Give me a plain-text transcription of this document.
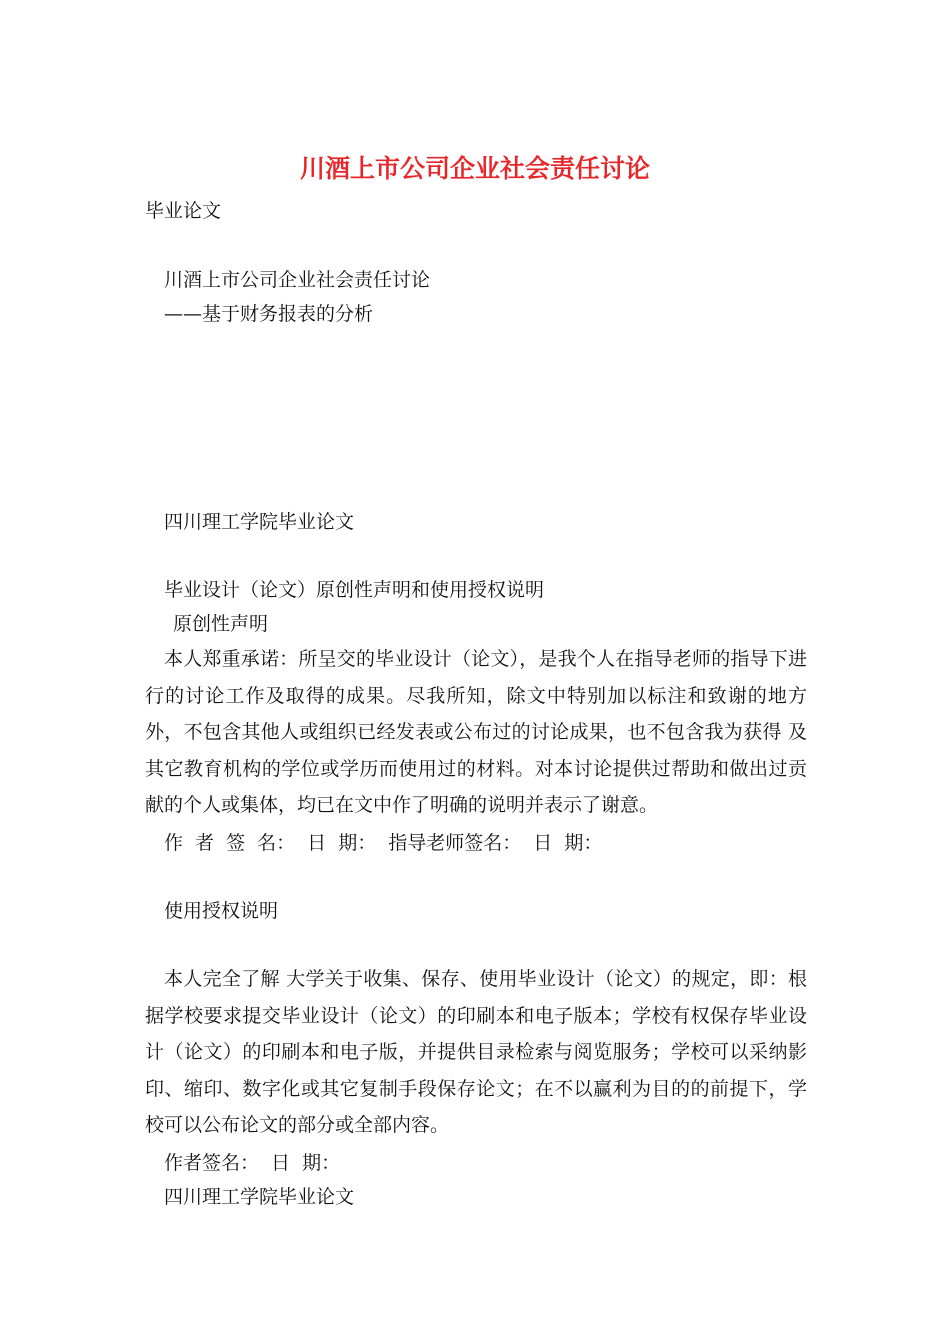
川酒上市公司企业社会责任讨论
毕业论文
川酒上市公司企业社会责任讨论
——基于财务报表的分析
四川理工学院毕业论文
毕业设计（论文）原创性声明和使用授权说明
原创性声明
本人郑重承诺：所呈交的毕业设计（论文），是我个人在指导老师的指导下进行的讨论工作及取得的成果。尽我所知，除文中特别加以标注和致谢的地方外，不包含其他人或组织已经发表或公布过的讨论成果，也不包含我为获得 及其它教育机构的学位或学历而使用过的材料。对本讨论提供过帮助和做出过贡献的个人或集体，均已在文中作了明确的说明并表示了谢意。
作 者 签 名： 日 期： 指导老师签名： 日 期：
使用授权说明
本人完全了解 大学关于收集、保存、使用毕业设计（论文）的规定，即：根据学校要求提交毕业设计（论文）的印刷本和电子版本；学校有权保存毕业设计（论文）的印刷本和电子版，并提供目录检索与阅览服务；学校可以采纳影印、缩印、数字化或其它复制手段保存论文；在不以赢利为目的的前提下，学校可以公布论文的部分或全部内容。
作者签名： 日 期：
四川理工学院毕业论文
